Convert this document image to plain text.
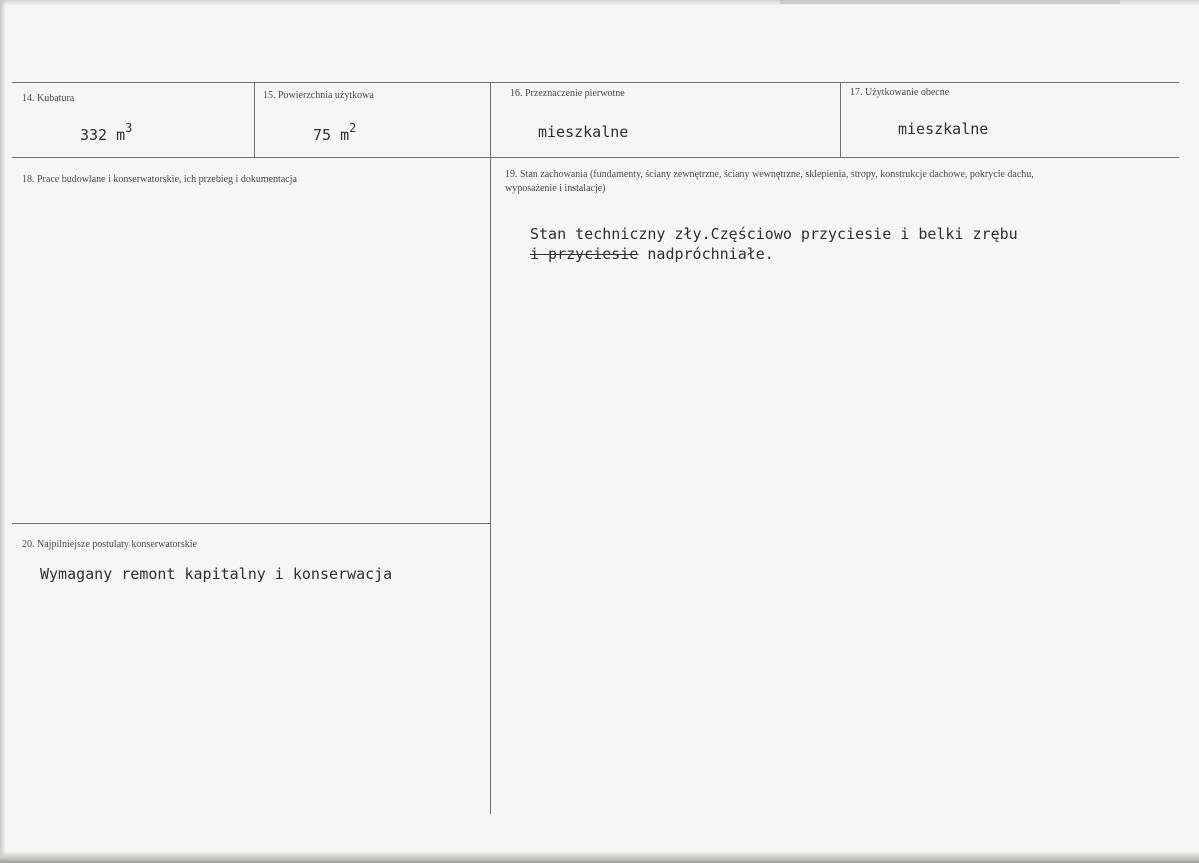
14. Kubatura
332 $m^3$
15. Powierzchnia użytkowa
75 $m^2$
16. Przeznaczenie pierwotne
mieszkalne
17. Użytkowanie obecne
mieszkalne
18. Prace budowlane i konserwatorskie, ich przebieg i dokumentacja	19. Stan zachowania (fundamenty, ściany zewnętrzne, ściany wewnętrzne, sklepienia, stropy, konstrukcje dachowe, pokrycie dachu, wyposażenie i instalacje)
Stan techniczny zły.Częściowo przyciesie i belki zrębu
i przyciesie nadpróchniałe.
20. Najpilniejsze postulaty konserwatorskie
Wymagany remont kapitalny i konserwacja
